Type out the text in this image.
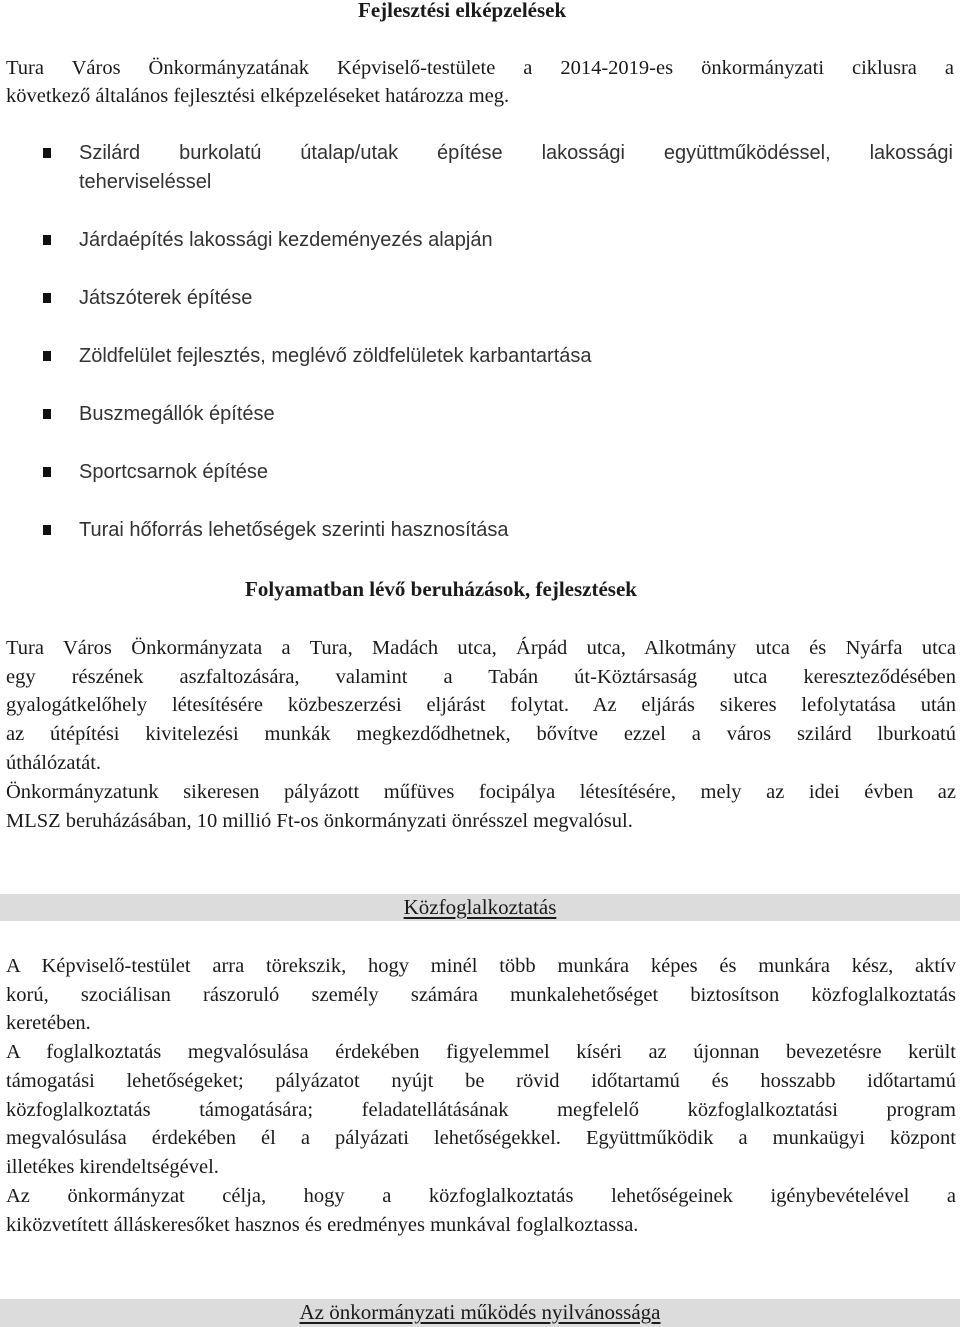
Fejlesztési elképzelések
Tura Város Önkormányzatának Képviselő-testülete a 2014-2019-es önkormányzati ciklusra a
következő általános fejlesztési elképzeléseket határozza meg.
Szilárd burkolatú útalap/utak építése lakossági együttműködéssel, lakossági
teherviseléssel
Járdaépítés lakossági kezdeményezés alapján
Játszóterek építése
Zöldfelület fejlesztés, meglévő zöldfelületek karbantartása
Buszmegállók építése
Sportcsarnok építése
Turai hőforrás lehetőségek szerinti hasznosítása
Folyamatban lévő beruházások, fejlesztések
Tura Város Önkormányzata a Tura, Madách utca, Árpád utca, Alkotmány utca és Nyárfa utca
egy részének aszfaltozására, valamint a Tabán út-Köztársaság utca kereszteződésében
gyalogátkelőhely létesítésére közbeszerzési eljárást folytat. Az eljárás sikeres lefolytatása után
az útépítési kivitelezési munkák megkezdődhetnek, bővítve ezzel a város szilárd lburkoatú
úthálózatát.
Önkormányzatunk sikeresen pályázott műfüves focipálya létesítésére, mely az idei évben az
MLSZ beruházásában, 10 millió Ft-os önkormányzati önrésszel megvalósul.
Közfoglalkoztatás
A Képviselő-testület arra törekszik, hogy minél több munkára képes és munkára kész, aktív
korú, szociálisan rászoruló személy számára munkalehetőséget biztosítson közfoglalkoztatás
keretében.
A foglalkoztatás megvalósulása érdekében figyelemmel kíséri az újonnan bevezetésre került
támogatási lehetőségeket; pályázatot nyújt be rövid időtartamú és hosszabb időtartamú
közfoglalkoztatás támogatására; feladatellátásának megfelelő közfoglalkoztatási program
megvalósulása érdekében él a pályázati lehetőségekkel. Együttműködik a munkaügyi központ
illetékes kirendeltségével.
Az önkormányzat célja, hogy a közfoglalkoztatás lehetőségeinek igénybevételével a
kiközvetített álláskeresőket hasznos és eredményes munkával foglalkoztassa.
Az önkormányzati működés nyilvánossága
